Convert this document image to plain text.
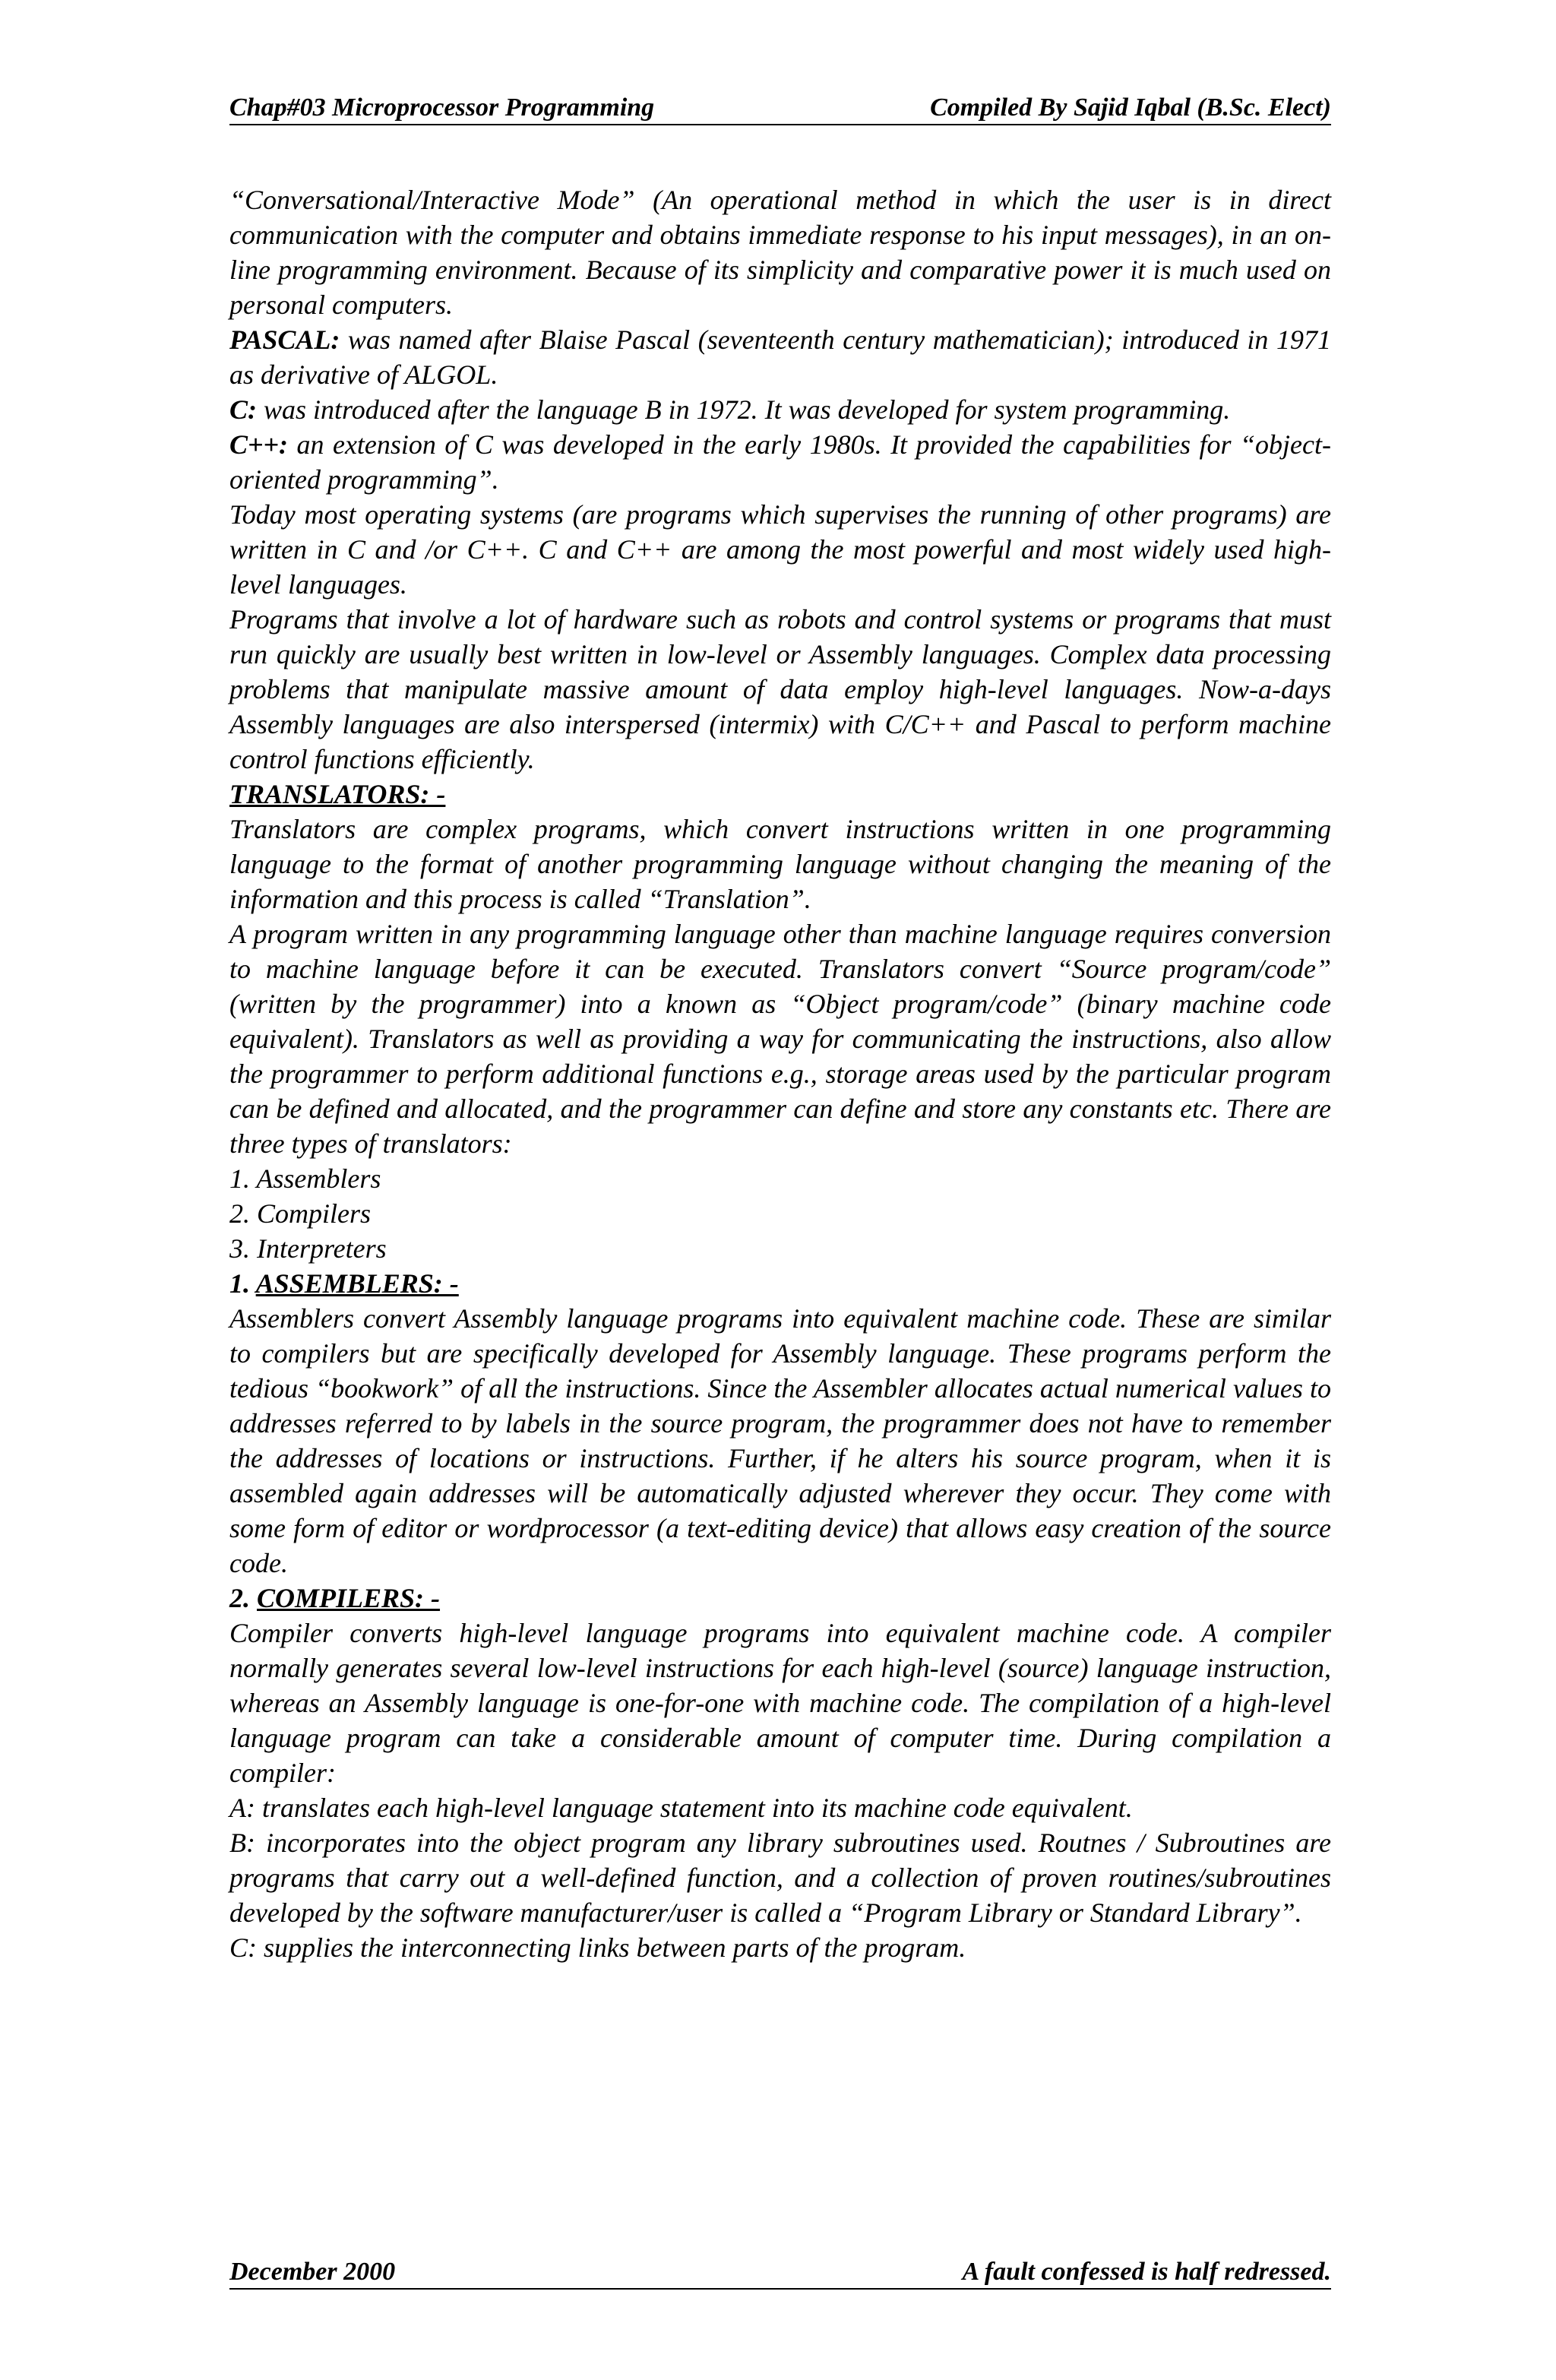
Chap#03 Microprocessor Programming	Compiled By Sajid Iqbal (B.Sc. Elect)

“Conversational/Interactive Mode” (An operational method in which the user is in direct communication with the computer and obtains immediate response to his input messages), in an on-line programming environment. Because of its simplicity and comparative power it is much used on personal computers.

PASCAL: was named after Blaise Pascal (seventeenth century mathematician); introduced in 1971 as derivative of ALGOL.

C: was introduced after the language B in 1972. It was developed for system programming.

C++: an extension of C was developed in the early 1980s. It provided the capabilities for “object-oriented programming”.

Today most operating systems (are programs which supervises the running of other programs) are written in C and /or C++. C and C++ are among the most powerful and most widely used high-level languages.

Programs that involve a lot of hardware such as robots and control systems or programs that must run quickly are usually best written in low-level or Assembly languages. Complex data processing problems that manipulate massive amount of data employ high-level languages. Now-a-days Assembly languages are also interspersed (intermix) with C/C++ and Pascal to perform machine control functions efficiently.

TRANSLATORS: -

Translators are complex programs, which convert instructions written in one programming language to the format of another programming language without changing the meaning of the information and this process is called “Translation”.

A program written in any programming language other than machine language requires conversion to machine language before it can be executed. Translators convert “Source program/code” (written by the programmer) into a known as “Object program/code” (binary machine code equivalent). Translators as well as providing a way for communicating the instructions, also allow the programmer to perform additional functions e.g., storage areas used by the particular program can be defined and allocated, and the programmer can define and store any constants etc. There are three types of translators:

1. Assemblers

2. Compilers

3. Interpreters

1. ASSEMBLERS: -

Assemblers convert Assembly language programs into equivalent machine code. These are similar to compilers but are specifically developed for Assembly language. These programs perform the tedious “bookwork” of all the instructions. Since the Assembler allocates actual numerical values to addresses referred to by labels in the source program, the programmer does not have to remember the addresses of locations or instructions. Further, if he alters his source program, when it is assembled again addresses will be automatically adjusted wherever they occur. They come with some form of editor or wordprocessor (a text-editing device) that allows easy creation of the source code.

2. COMPILERS: -

Compiler converts high-level language programs into equivalent machine code. A compiler normally generates several low-level instructions for each high-level (source) language instruction, whereas an Assembly language is one-for-one with machine code. The compilation of a high-level language program can take a considerable amount of computer time. During compilation a compiler:

A: translates each high-level language statement into its machine code equivalent.

B: incorporates into the object program any library subroutines used. Routnes / Subroutines are programs that carry out a well-defined function, and a collection of proven routines/subroutines developed by the software manufacturer/user is called a “Program Library or Standard Library”.

C: supplies the interconnecting links between parts of the program.

December 2000	A fault confessed is half redressed.
